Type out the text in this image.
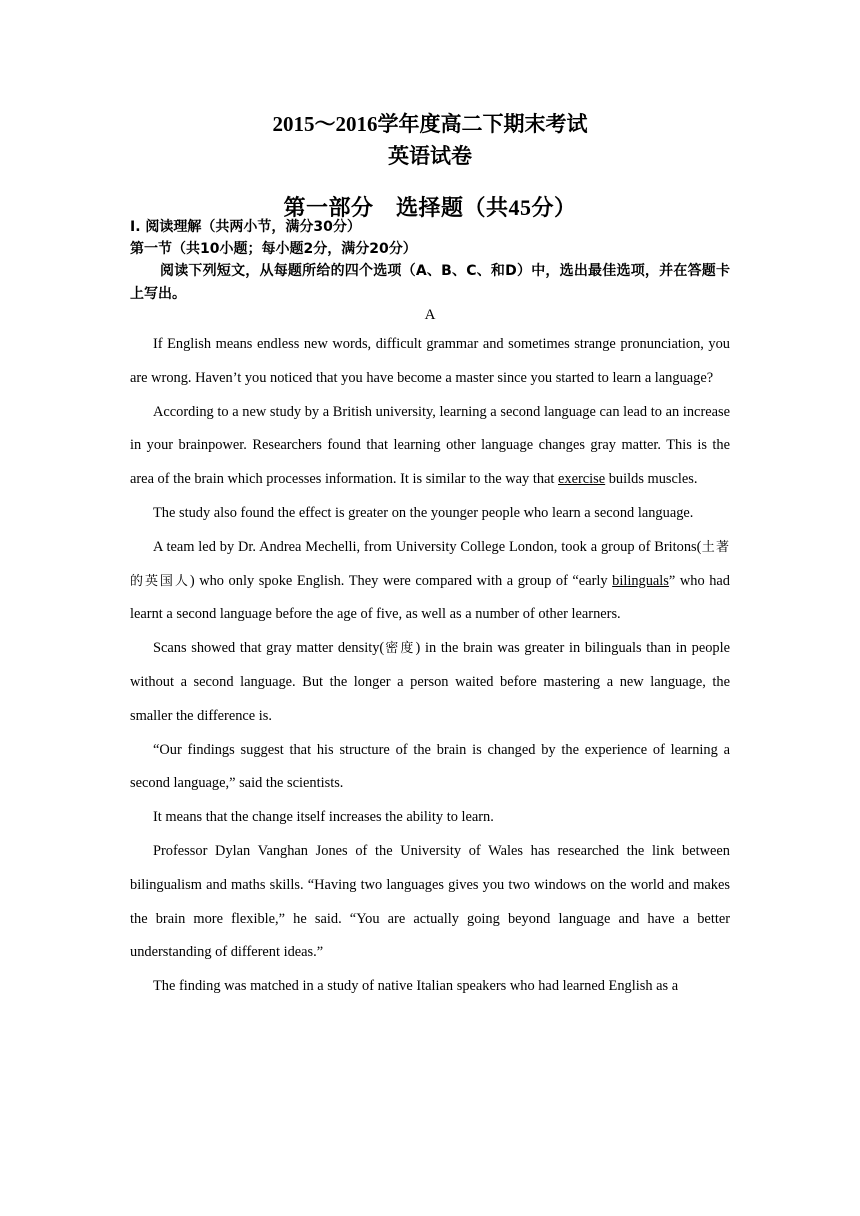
2015～2016学年度高二下期末考试
英语试卷
第一部分　选择题（共45分）
I. 阅读理解（共两小节，满分30分）
第一节（共10小题；每小题2分，满分20分）
阅读下列短文，从每题所给的四个选项（A、B、C、和D）中，选出最佳选项，并在答题卡上写出。
A

If English means endless new words, difficult grammar and sometimes strange pronunciation, you are wrong. Haven’t you noticed that you have become a master since you started to learn a language?

According to a new study by a British university, learning a second language can lead to an increase in your brainpower. Researchers found that learning other language changes gray matter. This is the area of the brain which processes information. It is similar to the way that exercise builds muscles.

The study also found the effect is greater on the younger people who learn a second language.

A team led by Dr. Andrea Mechelli, from University College London, took a group of Britons(土著的英国人) who only spoke English. They were compared with a group of “early bilinguals” who had learnt a second language before the age of five, as well as a number of other learners.

Scans showed that gray matter density(密度) in the brain was greater in bilinguals than in people without a second language. But the longer a person waited before mastering a new language, the smaller the difference is.

“Our findings suggest that his structure of the brain is changed by the experience of learning a second language,” said the scientists.

It means that the change itself increases the ability to learn.

Professor Dylan Vanghan Jones of the University of Wales has researched the link between bilingualism and maths skills. “Having two languages gives you two windows on the world and makes the brain more flexible,” he said. “You are actually going beyond language and have a better understanding of different ideas.”

The finding was matched in a study of native Italian speakers who had learned English as a
